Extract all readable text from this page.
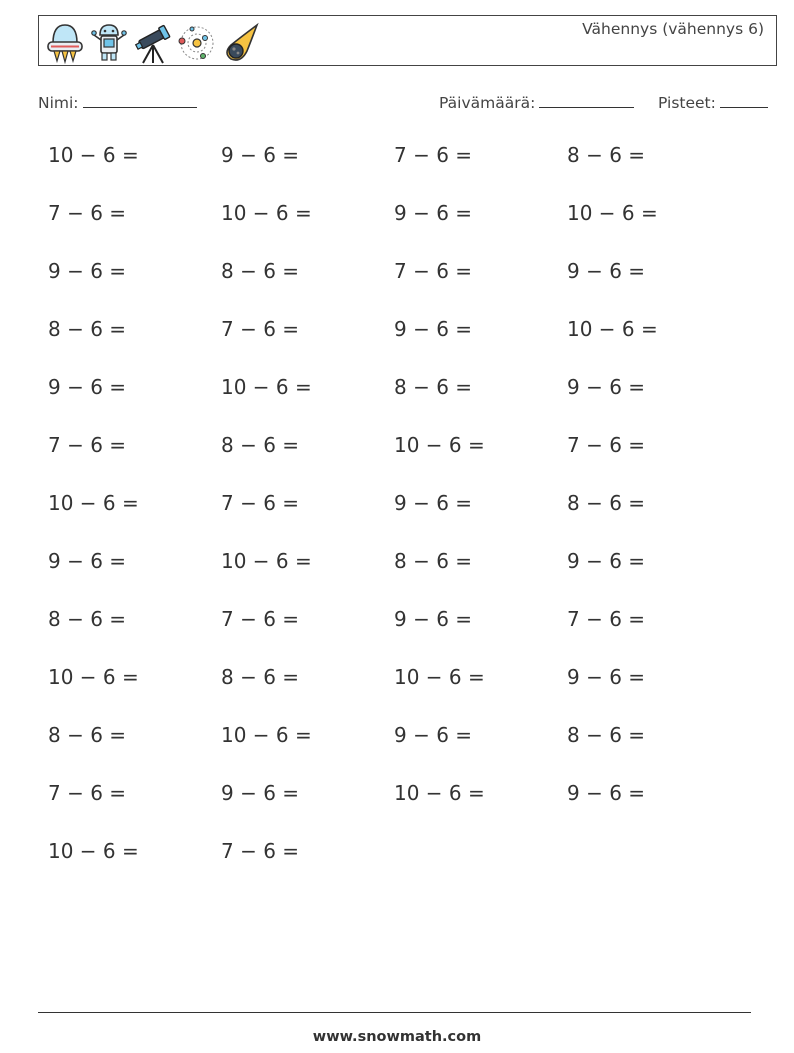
Vähennys (vähennys 6)
Nimi:	Päivämäärä:	Pisteet:
10 − 6 =	9 − 6 =	7 − 6 =	8 − 6 =
7 − 6 =	10 − 6 =	9 − 6 =	10 − 6 =
9 − 6 =	8 − 6 =	7 − 6 =	9 − 6 =
8 − 6 =	7 − 6 =	9 − 6 =	10 − 6 =
9 − 6 =	10 − 6 =	8 − 6 =	9 − 6 =
7 − 6 =	8 − 6 =	10 − 6 =	7 − 6 =
10 − 6 =	7 − 6 =	9 − 6 =	8 − 6 =
9 − 6 =	10 − 6 =	8 − 6 =	9 − 6 =
8 − 6 =	7 − 6 =	9 − 6 =	7 − 6 =
10 − 6 =	8 − 6 =	10 − 6 =	9 − 6 =
8 − 6 =	10 − 6 =	9 − 6 =	8 − 6 =
7 − 6 =	9 − 6 =	10 − 6 =	9 − 6 =
10 − 6 =	7 − 6 =
www.snowmath.com
